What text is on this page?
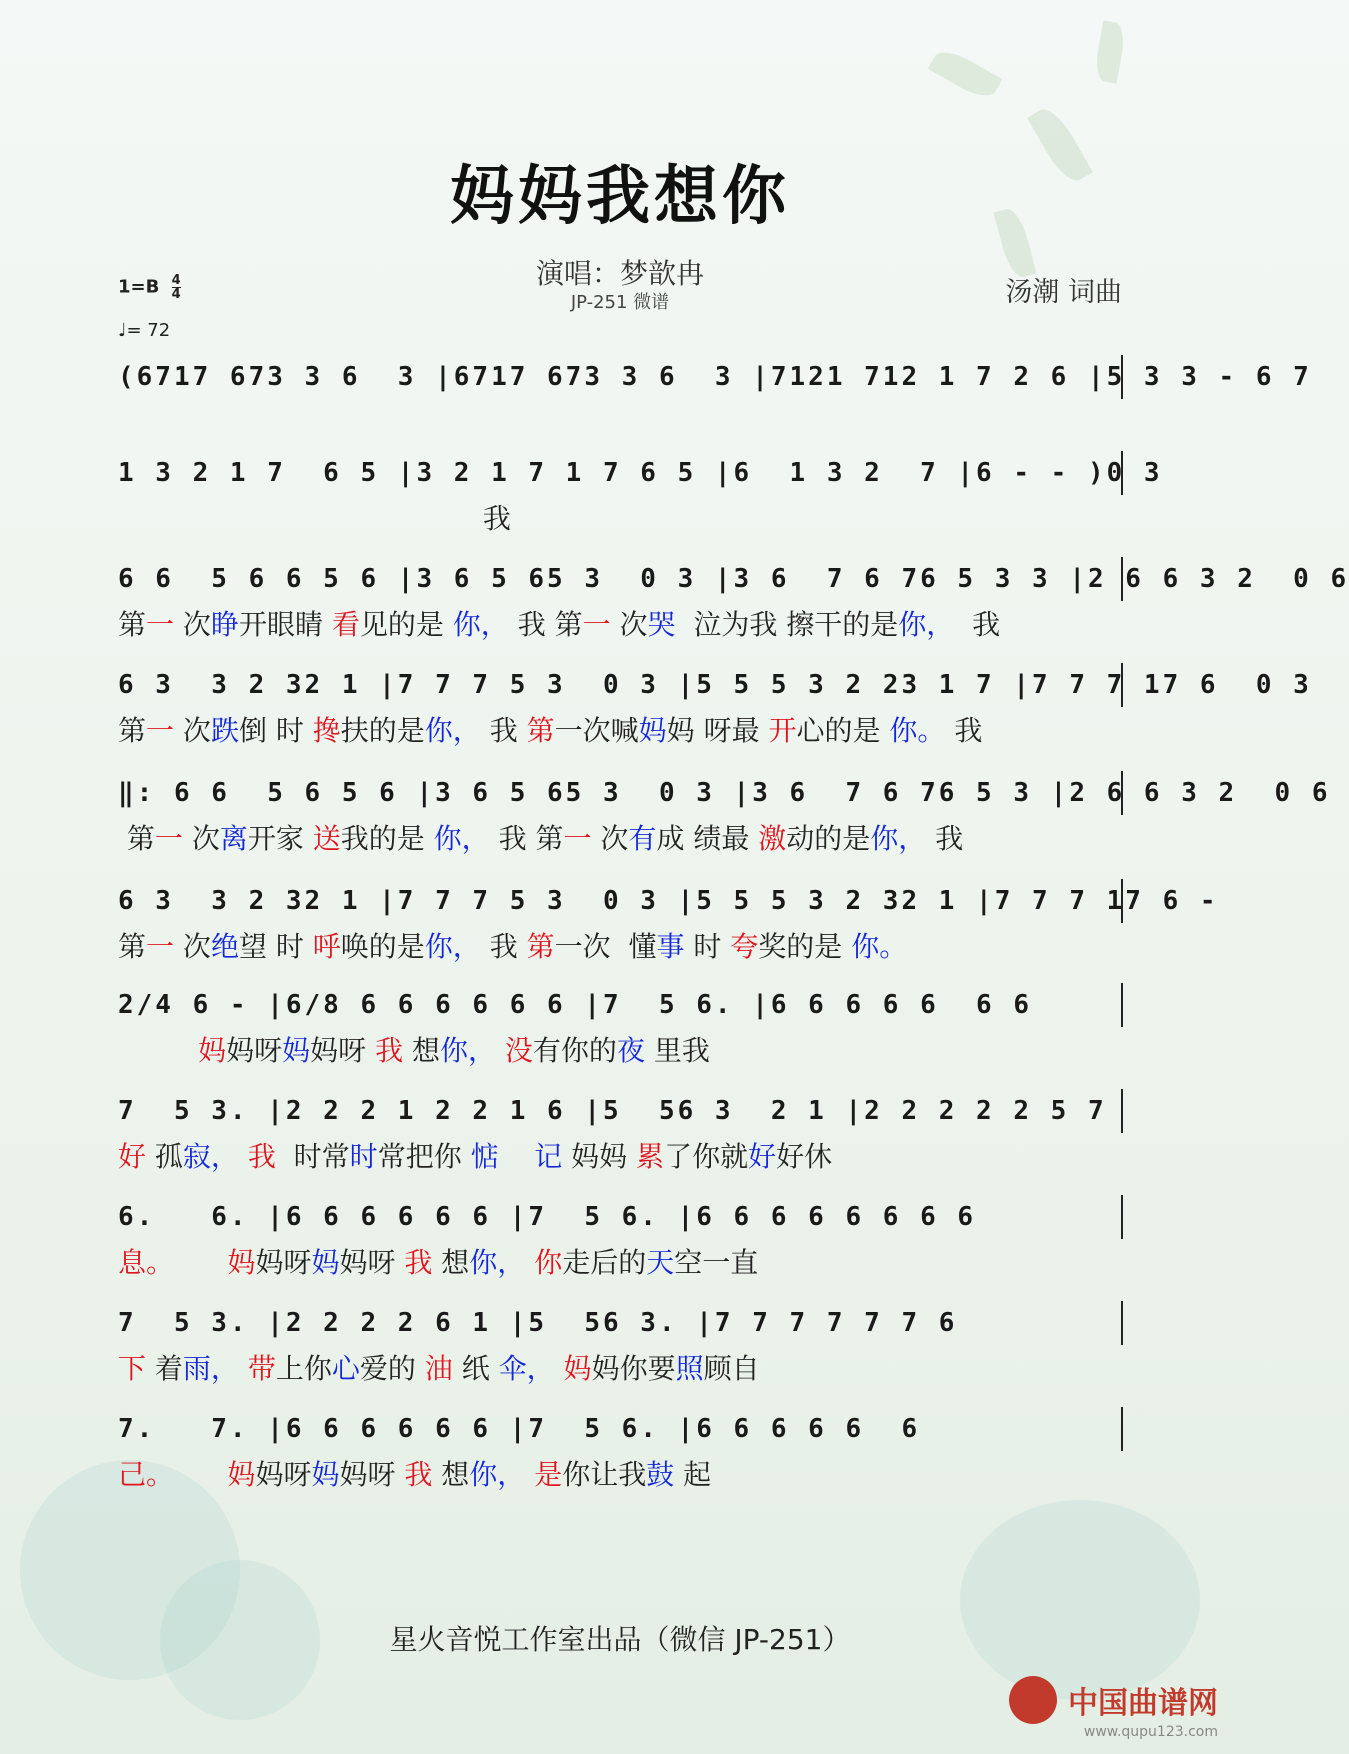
妈妈我想你
演唱：梦歆冉
JP-251 微谱	汤潮 词曲
$1=B \frac{4}{4}$
♩= 72
(6717 673 3 6  3 |6717 673 3 6  3 |7121 712 1 7 2 6 |5 3 3 - 6 7
1 3 2 1 7  6 5 |3 2 1 7 1 7 6 5 |6  1 3 2  7 |6 - - )0 3
我
6 6  5 6 6 5 6 |3 6 5 65 3  0 3 |3 6  7 6 76 5 3 3 |2 6 6 3 2  0 6
第一 次睁开眼睛 看见的是 你， 我 第一 次哭  泣为我 擦干的是你，  我
6 3  3 2 32 1 |7 7 7 5 3  0 3 |5 5 5 3 2 23 1 7 |7 7 7 17 6  0 3
第一 次跌倒 时 搀扶的是你， 我 第一次喊妈妈 呀最 开心的是 你。 我
‖: 6 6  5 6 5 6 |3 6 5 65 3  0 3 |3 6  7 6 76 5 3 |2 6 6 3 2  0 6
第一 次离开家 送我的是 你， 我 第一 次有成 绩最 激动的是你， 我
6 3  3 2 32 1 |7 7 7 5 3  0 3 |5 5 5 3 2 32 1 |7 7 7 17 6 -
第一 次绝望 时 呼唤的是你， 我 第一次  懂事 时 夸奖的是 你。
2/4 6 - |6/8 6 6 6 6 6 6 |7  5 6. |6 6 6 6 6  6 6
妈妈呀妈妈呀 我 想你， 没有你的夜 里我
7  5 3. |2 2 2 1 2 2 1 6 |5  56 3  2 1 |2 2 2 2 2 5 7
好 孤寂， 我  时常时常把你 惦 记 妈妈 累了你就好好休
6.   6. |6 6 6 6 6 6 |7  5 6. |6 6 6 6 6 6 6 6
息。 妈妈呀妈妈呀 我 想你， 你走后的天空一直
7  5 3. |2 2 2 2 6 1 |5  56 3. |7 7 7 7 7 7 6
下 着雨， 带上你心爱的 油 纸 伞， 妈妈你要照顾自
7.   7. |6 6 6 6 6 6 |7  5 6. |6 6 6 6 6  6
己。 妈妈呀妈妈呀 我 想你， 是你让我鼓 起
星火音悦工作室出品（微信 JP-251）
中国曲谱网
www.qupu123.com
